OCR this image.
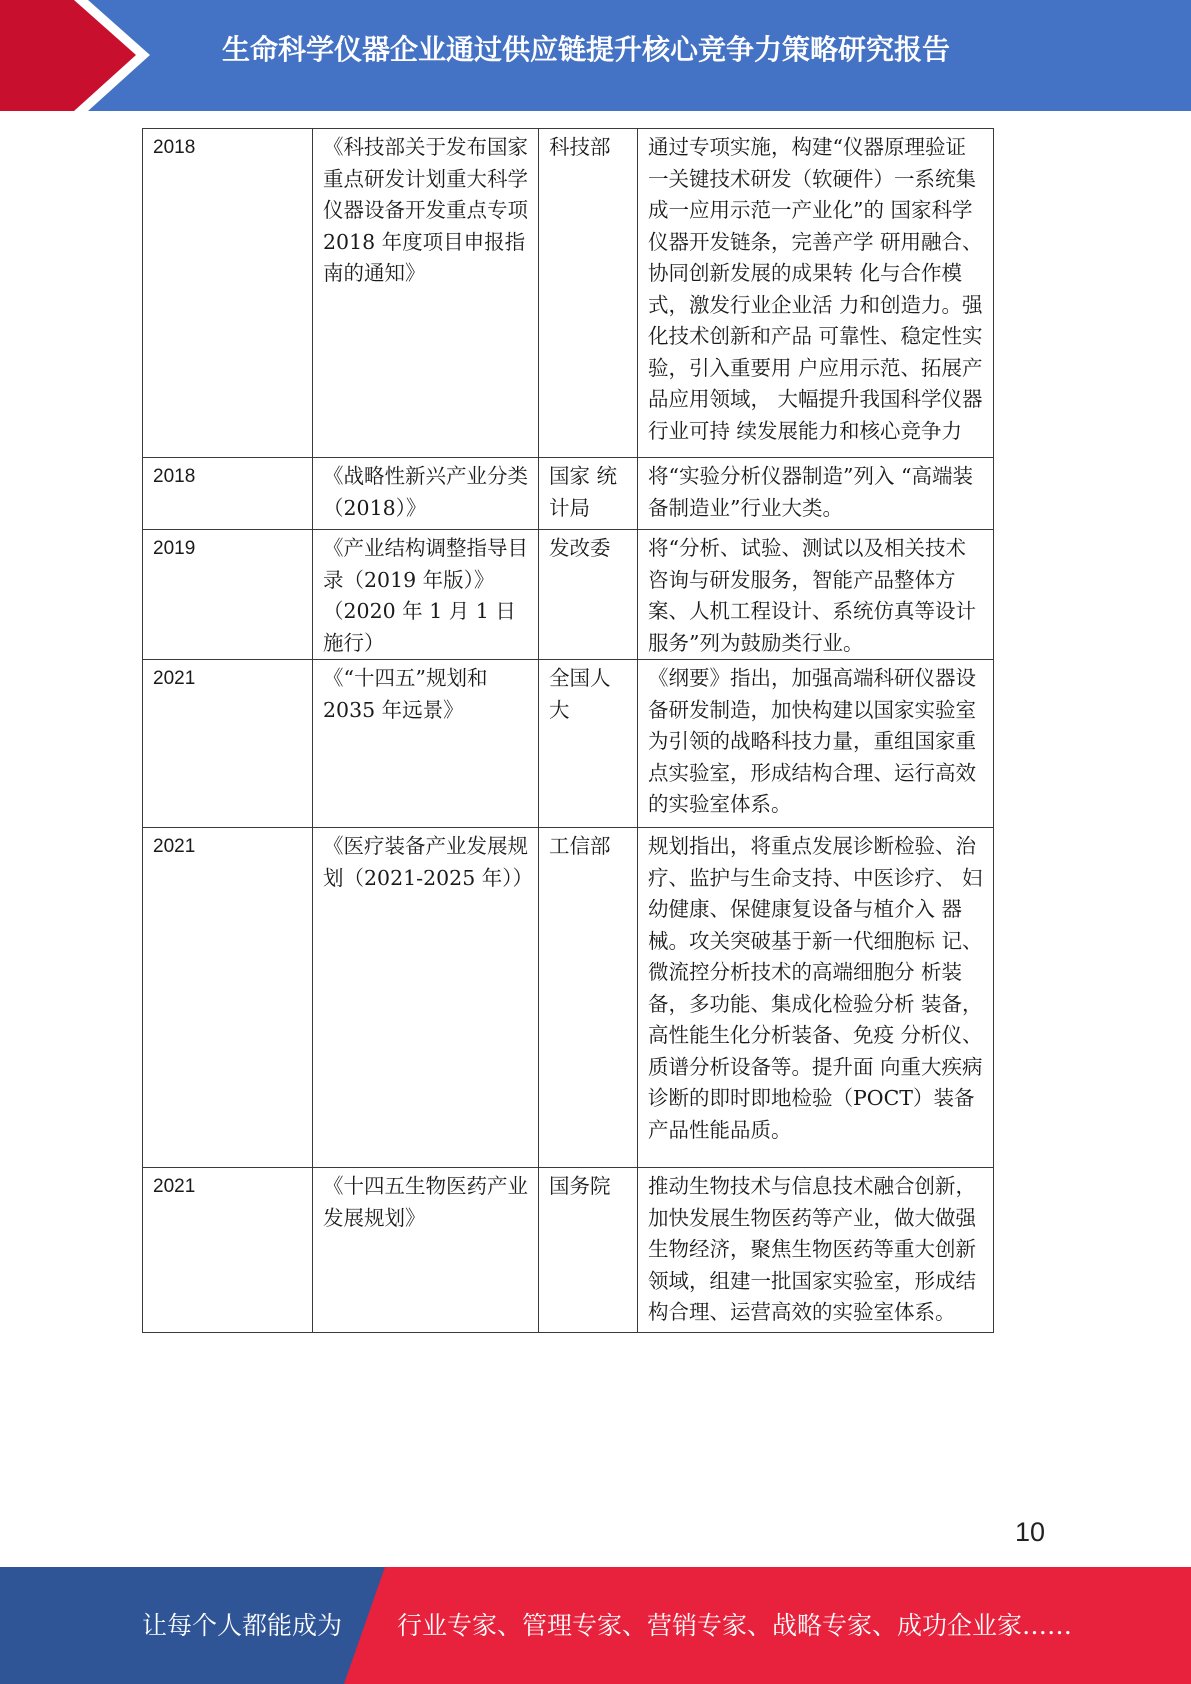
生命科学仪器企业通过供应链提升核心竞争力策略研究报告
2018	《科技部关于发布国家重点研发计划重大科学仪器设备开发重点专项 2018 年度项目申报指南的通知》	科技部	通过专项实施，构建“仪器原理验证一关键技术研发（软硬件）一系统集成一应用示范一产业化”的 国家科学仪器开发链条，完善产学 研用融合、协同创新发展的成果转 化与合作模式，激发行业企业活 力和创造力。强化技术创新和产品 可靠性、稳定性实验，引入重要用 户应用示范、拓展产品应用领域， 大幅提升我国科学仪器行业可持 续发展能力和核心竞争力

2018	《战略性新兴产业分类（2018）》	国家 统计局	将“实验分析仪器制造”列入 “高端装备制造业”行业大类。

2019	《产业结构调整指导目录（2019 年版）》（2020 年 1 月 1 日施行）	发改委	将“分析、试验、测试以及相关技术咨询与研发服务，智能产品整体方案、人机工程设计、系统仿真等设计服务”列为鼓励类行业。

2021	《“十四五”规划和 2035 年远景》	全国人大	《纲要》指出，加强高端科研仪器设备研发制造，加快构建以国家实验室为引领的战略科技力量，重组国家重点实验室，形成结构合理、运行高效的实验室体系。

2021	《医疗装备产业发展规划（2021-2025 年））	工信部	规划指出，将重点发展诊断检验、治疗、监护与生命支持、中医诊疗、 妇幼健康、保健康复设备与植介入 器械。攻关突破基于新一代细胞标 记、微流控分析技术的高端细胞分 析装备，多功能、集成化检验分析 装备，高性能生化分析装备、免疫 分析仪、质谱分析设备等。提升面 向重大疾病诊断的即时即地检验（POCT）装备产品性能品质。

2021	《十四五生物医药产业发展规划》	国务院	推动生物技术与信息技术融合创新，加快发展生物医药等产业，做大做强生物经济，聚焦生物医药等重大创新领域，组建一批国家实验室，形成结构合理、运营高效的实验室体系。
10
让每个人都能成为 行业专家、管理专家、营销专家、战略专家、成功企业家……
